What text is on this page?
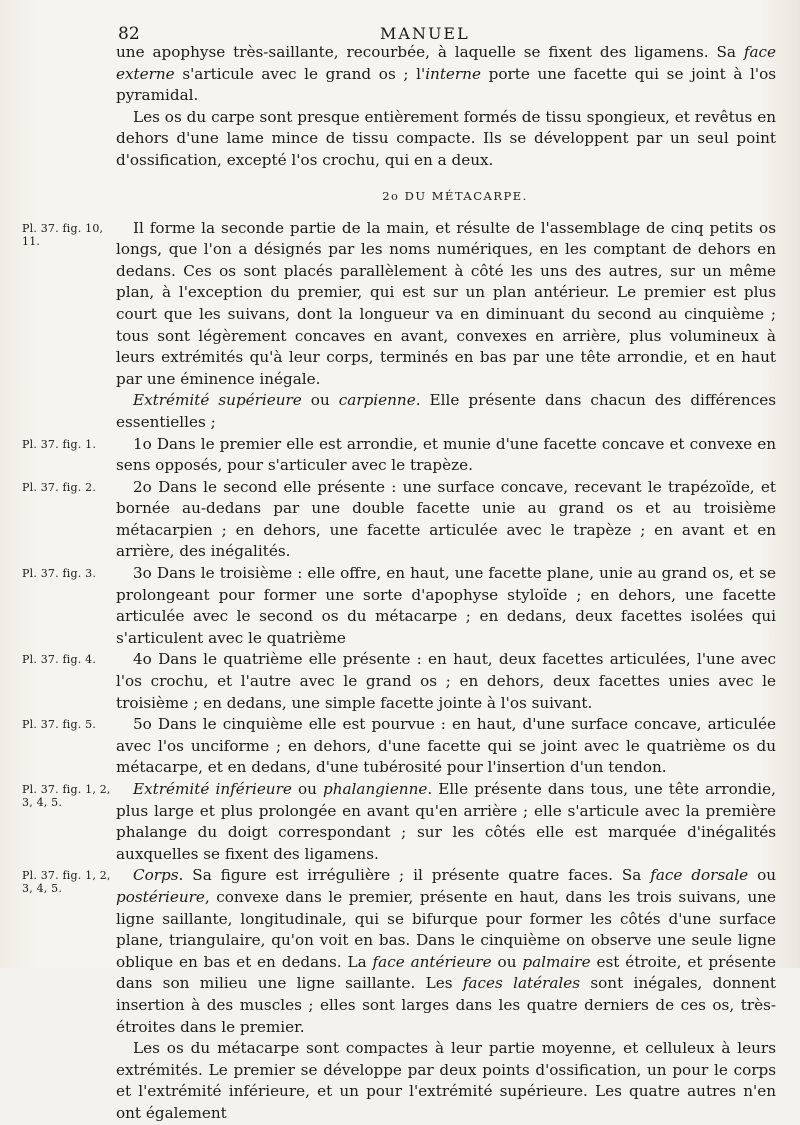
82	MANUEL

une apophyse très-saillante, recourbée, à laquelle se fixent des ligamens. Sa face externe s'articule avec le grand os ; l'interne porte une facette qui se joint à l'os pyramidal.

Les os du carpe sont presque entièrement formés de tissu spongieux, et revêtus en dehors d'une lame mince de tissu compacte. Ils se développent par un seul point d'ossification, excepté l'os crochu, qui en a deux.

2o DU MÉTACARPE.
Pl. 37. fig. 10, 11.

Il forme la seconde partie de la main, et résulte de l'assemblage de cinq petits os longs, que l'on a désignés par les noms numériques, en les comptant de dehors en dedans. Ces os sont placés parallèlement à côté les uns des autres, sur un même plan, à l'exception du premier, qui est sur un plan antérieur. Le premier est plus court que les suivans, dont la longueur va en diminuant du second au cinquième ; tous sont légèrement concaves en avant, convexes en arrière, plus volumineux à leurs extrémités qu'à leur corps, terminés en bas par une tête arrondie, et en haut par une éminence inégale.

Extrémité supérieure ou carpienne. Elle présente dans chacun des différences essentielles ;

Pl. 37. fig. 1.	1o Dans le premier elle est arrondie, et munie d'une facette concave et convexe en sens opposés, pour s'articuler avec le trapèze.

Pl. 37. fig. 2.	2o Dans le second elle présente : une surface concave, recevant le trapézoïde, et bornée au-dedans par une double facette unie au grand os et au troisième métacarpien ; en dehors, une facette articulée avec le trapèze ; en avant et en arrière, des inégalités.

Pl. 37. fig. 3.	3o Dans le troisième : elle offre, en haut, une facette plane, unie au grand os, et se prolongeant pour former une sorte d'apophyse styloïde ; en dehors, une facette articulée avec le second os du métacarpe ; en dedans, deux facettes isolées qui s'articulent avec le quatrième

Pl. 37. fig. 4.	4o Dans le quatrième elle présente : en haut, deux facettes articulées, l'une avec l'os crochu, et l'autre avec le grand os ; en dehors, deux facettes unies avec le troisième ; en dedans, une simple facette jointe à l'os suivant.

Pl. 37. fig. 5.	5o Dans le cinquième elle est pourvue : en haut, d'une surface concave, articulée avec l'os unciforme ; en dehors, d'une facette qui se joint avec le quatrième os du métacarpe, et en dedans, d'une tubérosité pour l'insertion d'un tendon.

Pl. 37. fig. 1, 2, 3, 4, 5.

Extrémité inférieure ou phalangienne. Elle présente dans tous, une tête arrondie, plus large et plus prolongée en avant qu'en arrière ; elle s'articule avec la première phalange du doigt correspondant ; sur les côtés elle est marquée d'inégalités auxquelles se fixent des ligamens.

Pl. 37. fig. 1, 2, 3, 4, 5.

Corps. Sa figure est irrégulière ; il présente quatre faces. Sa face dorsale ou postérieure, convexe dans le premier, présente en haut, dans les trois suivans, une ligne saillante, longitudinale, qui se bifurque pour former les côtés d'une surface plane, triangulaire, qu'on voit en bas. Dans le cinquième on observe une seule ligne oblique en bas et en dedans. La face antérieure ou palmaire est étroite, et présente dans son milieu une ligne saillante. Les faces latérales sont inégales, donnent insertion à des muscles ; elles sont larges dans les quatre derniers de ces os, très-étroites dans le premier.

Les os du métacarpe sont compactes à leur partie moyenne, et celluleux à leurs extrémités. Le premier se développe par deux points d'ossification, un pour le corps et l'extrémité inférieure, et un pour l'extrémité supérieure. Les quatre autres n'en ont également
